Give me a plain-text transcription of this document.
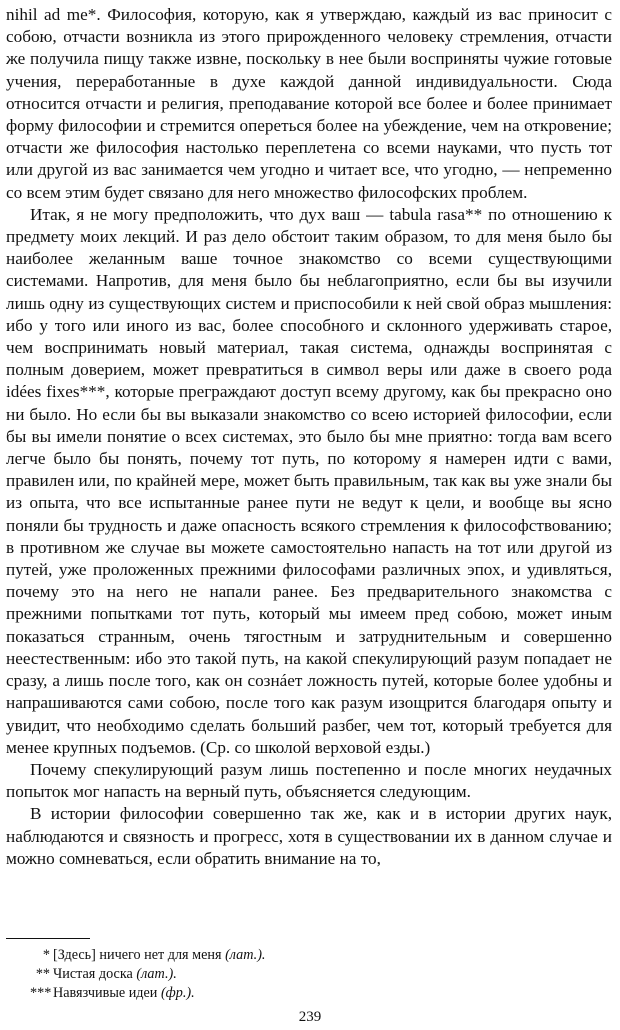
nihil ad me*. Философия, которую, как я утверждаю, каждый из вас приносит с собою, отчасти возникла из этого прирожденного человеку стремления, отчасти же получила пищу также извне, поскольку в нее были восприняты чужие готовые учения, переработанные в духе каждой данной индивидуальности. Сюда относится отчасти и религия, преподавание которой все более и более принимает форму философии и стремится опереться более на убеждение, чем на откровение; отчасти же философия настолько переплетена со всеми науками, что пусть тот или другой из вас занимается чем угодно и читает все, что угодно, — непременно со всем этим будет связано для него множество философских проблем.

Итак, я не могу предположить, что дух ваш — tabula rasa** по отношению к предмету моих лекций. И раз дело обстоит таким образом, то для меня было бы наиболее желанным ваше точное знакомство со всеми существующими системами. Напротив, для меня было бы неблагоприятно, если бы вы изучили лишь одну из существующих систем и приспособили к ней свой образ мышления: ибо у того или иного из вас, более способного и склонного удерживать старое, чем воспринимать новый материал, такая система, однажды воспринятая с полным доверием, может превратиться в символ веры или даже в своего рода idées fixes***, которые преграждают доступ всему другому, как бы прекрасно оно ни было. Но если бы вы выказали знакомство со всею историей философии, если бы вы имели понятие о всех системах, это было бы мне приятно: тогда вам всего легче было бы понять, почему тот путь, по которому я намерен идти с вами, правилен или, по крайней мере, может быть правильным, так как вы уже знали бы из опыта, что все испытанные ранее пути не ведут к цели, и вообще вы ясно поняли бы трудность и даже опасность всякого стремления к философствованию; в противном же случае вы можете самостоятельно напасть на тот или другой из путей, уже проложенных прежними философами различных эпох, и удивляться, почему это на него не напали ранее. Без предварительного знакомства с прежними попытками тот путь, который мы имеем пред собою, может иным показаться странным, очень тягостным и затруднительным и совершенно неестественным: ибо это такой путь, на какой спекулирующий разум попадает не сразу, а лишь после того, как он сознáет ложность путей, которые более удобны и напрашиваются сами собою, после того как разум изощрится благодаря опыту и увидит, что необходимо сделать больший разбег, чем тот, который требуется для менее крупных подъемов. (Ср. со школой верховой езды.)

Почему спекулирующий разум лишь постепенно и после многих неудачных попыток мог напасть на верный путь, объясняется следующим.

В истории философии совершенно так же, как и в истории других наук, наблюдаются и связность и прогресс, хотя в существовании их в данном случае и можно сомневаться, если обратить внимание на то,

* [Здесь] ничего нет для меня (лат.).
** Чистая доска (лат.).
*** Навязчивые идеи (фр.).
239
